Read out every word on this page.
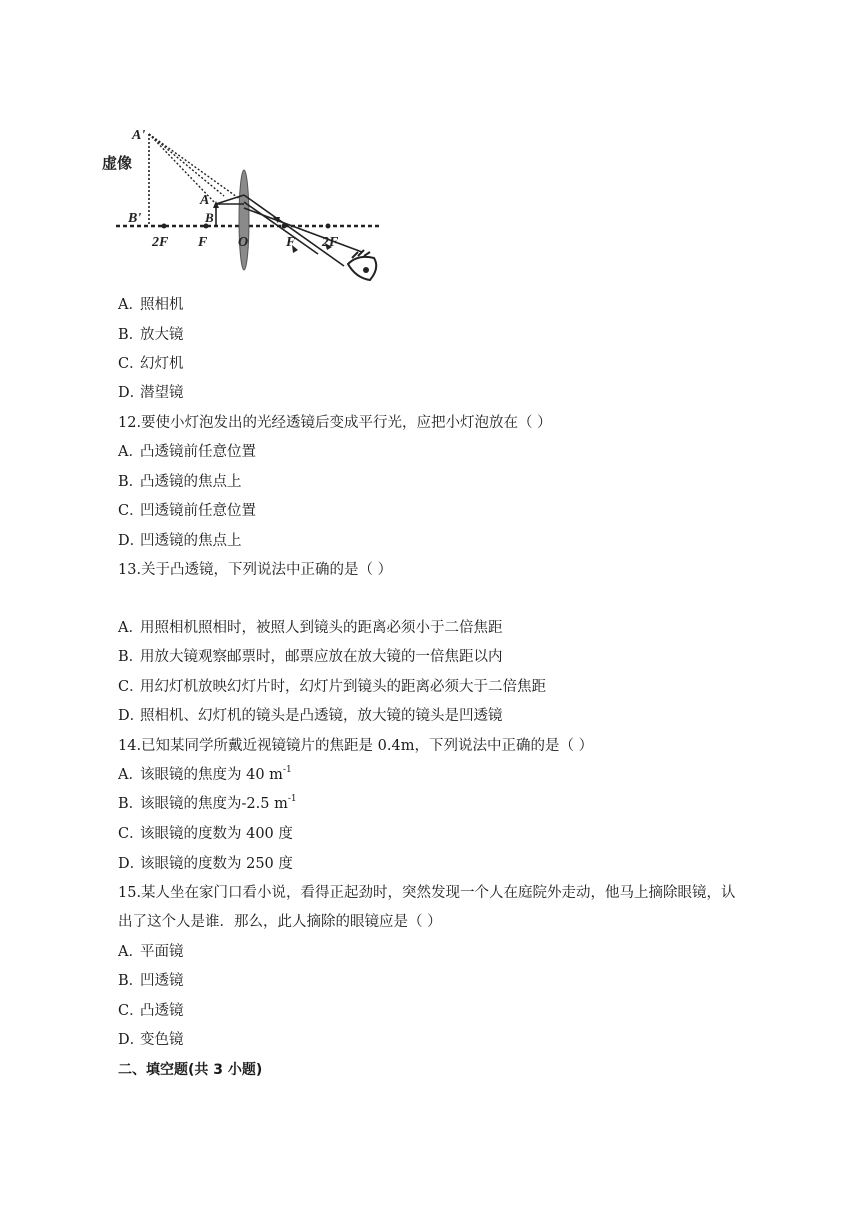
A'
虚像
B'
A
B
2F F O	F 2F
A．照相机
B．放大镜
C．幻灯机
D．潜望镜
12.要使小灯泡发出的光经透镜后变成平行光，应把小灯泡放在（ ）
A．凸透镜前任意位置
B．凸透镜的焦点上
C．凹透镜前任意位置
D．凹透镜的焦点上
13.关于凸透镜，下列说法中正确的是（ ）
A．用照相机照相时，被照人到镜头的距离必须小于二倍焦距
B．用放大镜观察邮票时，邮票应放在放大镜的一倍焦距以内
C．用幻灯机放映幻灯片时，幻灯片到镜头的距离必须大于二倍焦距
D．照相机、幻灯机的镜头是凸透镜，放大镜的镜头是凹透镜
14.已知某同学所戴近视镜镜片的焦距是 0.4m，下列说法中正确的是（ ）
A．该眼镜的焦度为 40 $m^{-1}$
B．该眼镜的焦度为-2.5 $m^{-1}$
C．该眼镜的度数为 400 度
D．该眼镜的度数为 250 度
15.某人坐在家门口看小说，看得正起劲时，突然发现一个人在庭院外走动，他马上摘除眼镜，认
出了这个人是谁．那么，此人摘除的眼镜应是（ ）
A．平面镜
B．凹透镜
C．凸透镜
D．变色镜
二、填空题(共 3 小题)
